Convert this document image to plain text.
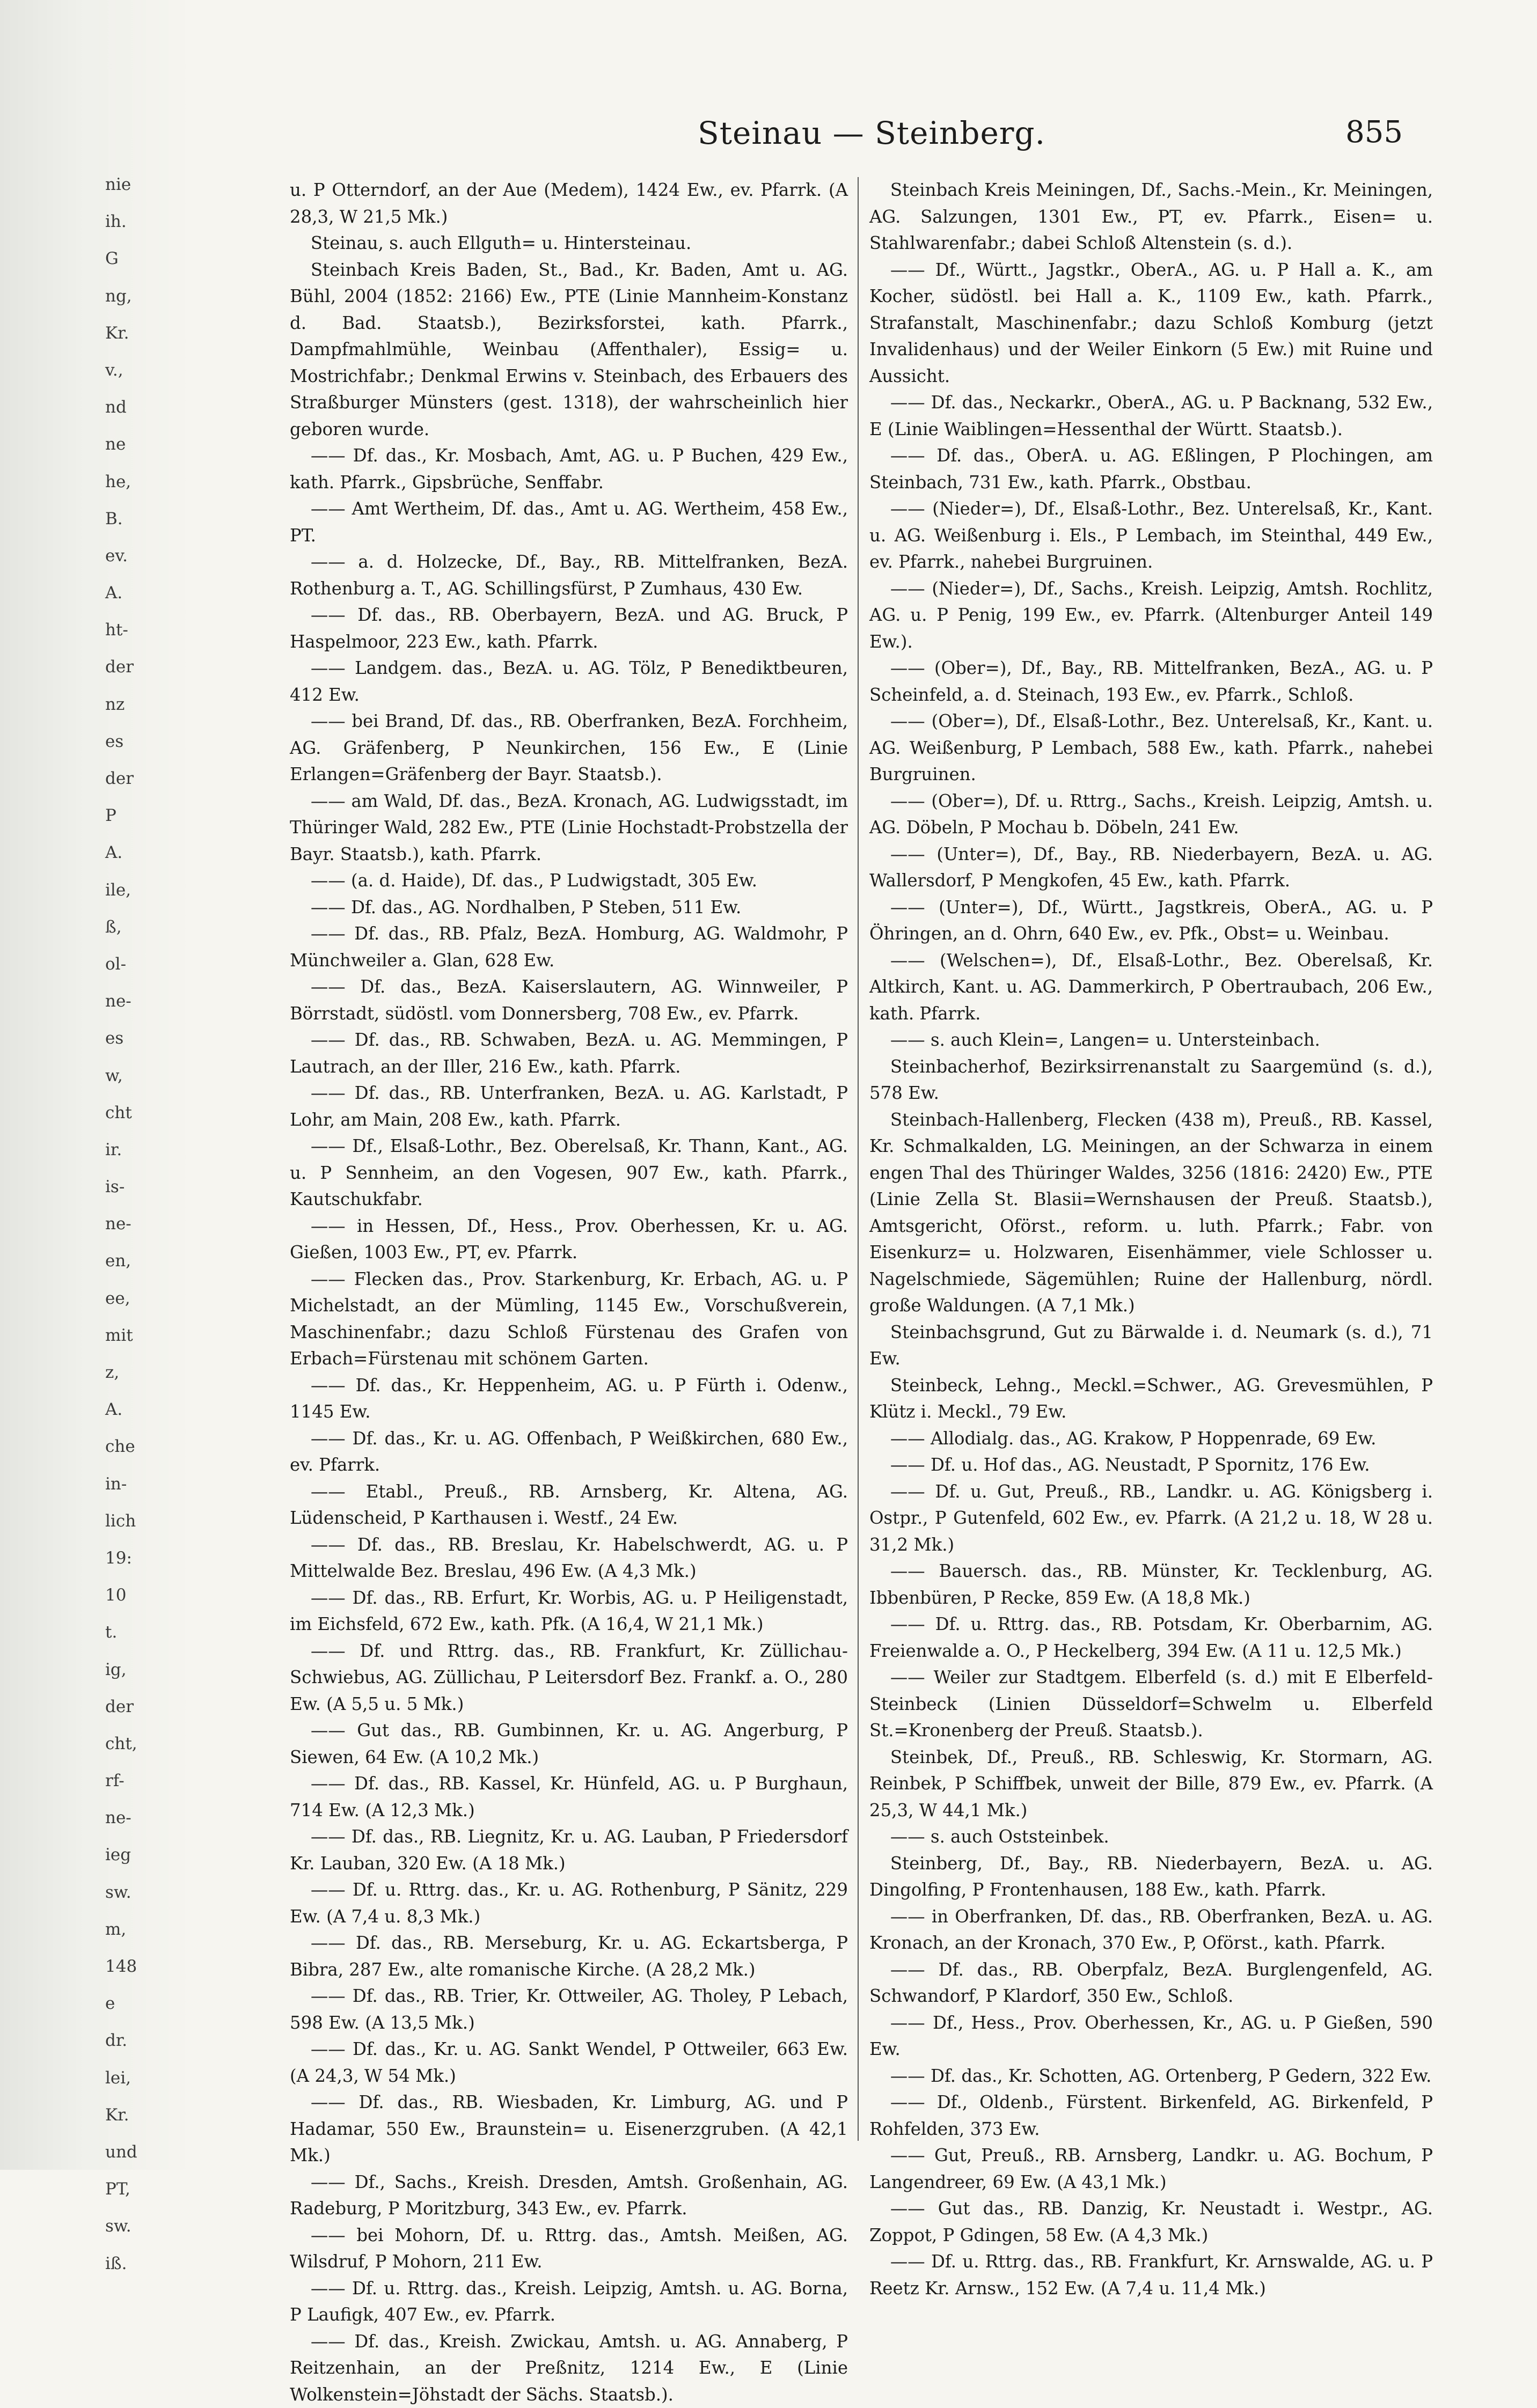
nie
ih.
G
ng,
Kr.
v.,
nd
ne
he,
B.
ev.
A.
ht-
der
nz
es
der
P
A.
ile,
ß,
ol-
ne-
es
w,
cht
ir.
is-
ne-
en,
ee,
mit
z,
A.
che
in-
lich
19:
10
t.
ig,
der
cht,
rf-
ne-
ieg
sw.
m,
148
e
dr.
lei,
Kr.
und
PT,
sw.
iß.
Steinau — Steinberg.	855

u. P Otterndorf, an der Aue (Medem), 1424 Ew., ev. Pfarrk. (A 28,3, W 21,5 Mk.)

Steinau, s. auch Ellguth= u. Hintersteinau.

Steinbach Kreis Baden, St., Bad., Kr. Baden, Amt u. AG. Bühl, 2004 (1852: 2166) Ew., PTE (Linie Mannheim-Konstanz d. Bad. Staatsb.), Bezirksforstei, kath. Pfarrk., Dampfmahlmühle, Weinbau (Affenthaler), Essig= u. Mostrichfabr.; Denkmal Erwins v. Steinbach, des Erbauers des Straßburger Münsters (gest. 1318), der wahrscheinlich hier geboren wurde.

—— Df. das., Kr. Mosbach, Amt, AG. u. P Buchen, 429 Ew., kath. Pfarrk., Gipsbrüche, Senffabr.

—— Amt Wertheim, Df. das., Amt u. AG. Wertheim, 458 Ew., PT.

—— a. d. Holzecke, Df., Bay., RB. Mittelfranken, BezA. Rothenburg a. T., AG. Schillingsfürst, P Zumhaus, 430 Ew.

—— Df. das., RB. Oberbayern, BezA. und AG. Bruck, P Haspelmoor, 223 Ew., kath. Pfarrk.

—— Landgem. das., BezA. u. AG. Tölz, P Benediktbeuren, 412 Ew.

—— bei Brand, Df. das., RB. Oberfranken, BezA. Forchheim, AG. Gräfenberg, P Neunkirchen, 156 Ew., E (Linie Erlangen=Gräfenberg der Bayr. Staatsb.).

—— am Wald, Df. das., BezA. Kronach, AG. Ludwigsstadt, im Thüringer Wald, 282 Ew., PTE (Linie Hochstadt-Probstzella der Bayr. Staatsb.), kath. Pfarrk.

—— (a. d. Haide), Df. das., P Ludwigstadt, 305 Ew.

—— Df. das., AG. Nordhalben, P Steben, 511 Ew.

—— Df. das., RB. Pfalz, BezA. Homburg, AG. Waldmohr, P Münchweiler a. Glan, 628 Ew.

—— Df. das., BezA. Kaiserslautern, AG. Winnweiler, P Börrstadt, südöstl. vom Donnersberg, 708 Ew., ev. Pfarrk.

—— Df. das., RB. Schwaben, BezA. u. AG. Memmingen, P Lautrach, an der Iller, 216 Ew., kath. Pfarrk.

—— Df. das., RB. Unterfranken, BezA. u. AG. Karlstadt, P Lohr, am Main, 208 Ew., kath. Pfarrk.

—— Df., Elsaß-Lothr., Bez. Oberelsaß, Kr. Thann, Kant., AG. u. P Sennheim, an den Vogesen, 907 Ew., kath. Pfarrk., Kautschukfabr.

—— in Hessen, Df., Hess., Prov. Oberhessen, Kr. u. AG. Gießen, 1003 Ew., PT, ev. Pfarrk.

—— Flecken das., Prov. Starkenburg, Kr. Erbach, AG. u. P Michelstadt, an der Mümling, 1145 Ew., Vorschußverein, Maschinenfabr.; dazu Schloß Fürstenau des Grafen von Erbach=Fürstenau mit schönem Garten.

—— Df. das., Kr. Heppenheim, AG. u. P Fürth i. Odenw., 1145 Ew.

—— Df. das., Kr. u. AG. Offenbach, P Weißkirchen, 680 Ew., ev. Pfarrk.

—— Etabl., Preuß., RB. Arnsberg, Kr. Altena, AG. Lüdenscheid, P Karthausen i. Westf., 24 Ew.

—— Df. das., RB. Breslau, Kr. Habelschwerdt, AG. u. P Mittelwalde Bez. Breslau, 496 Ew. (A 4,3 Mk.)

—— Df. das., RB. Erfurt, Kr. Worbis, AG. u. P Heiligenstadt, im Eichsfeld, 672 Ew., kath. Pfk. (A 16,4, W 21,1 Mk.)

—— Df. und Rttrg. das., RB. Frankfurt, Kr. Züllichau-Schwiebus, AG. Züllichau, P Leitersdorf Bez. Frankf. a. O., 280 Ew. (A 5,5 u. 5 Mk.)

—— Gut das., RB. Gumbinnen, Kr. u. AG. Angerburg, P Siewen, 64 Ew. (A 10,2 Mk.)

—— Df. das., RB. Kassel, Kr. Hünfeld, AG. u. P Burghaun, 714 Ew. (A 12,3 Mk.)

—— Df. das., RB. Liegnitz, Kr. u. AG. Lauban, P Friedersdorf Kr. Lauban, 320 Ew. (A 18 Mk.)

—— Df. u. Rttrg. das., Kr. u. AG. Rothenburg, P Sänitz, 229 Ew. (A 7,4 u. 8,3 Mk.)

—— Df. das., RB. Merseburg, Kr. u. AG. Eckartsberga, P Bibra, 287 Ew., alte romanische Kirche. (A 28,2 Mk.)

—— Df. das., RB. Trier, Kr. Ottweiler, AG. Tholey, P Lebach, 598 Ew. (A 13,5 Mk.)

—— Df. das., Kr. u. AG. Sankt Wendel, P Ottweiler, 663 Ew. (A 24,3, W 54 Mk.)

—— Df. das., RB. Wiesbaden, Kr. Limburg, AG. und P Hadamar, 550 Ew., Braunstein= u. Eisenerzgruben. (A 42,1 Mk.)

—— Df., Sachs., Kreish. Dresden, Amtsh. Großenhain, AG. Radeburg, P Moritzburg, 343 Ew., ev. Pfarrk.

—— bei Mohorn, Df. u. Rttrg. das., Amtsh. Meißen, AG. Wilsdruf, P Mohorn, 211 Ew.

—— Df. u. Rttrg. das., Kreish. Leipzig, Amtsh. u. AG. Borna, P Laufigk, 407 Ew., ev. Pfarrk.

—— Df. das., Kreish. Zwickau, Amtsh. u. AG. Annaberg, P Reitzenhain, an der Preßnitz, 1214 Ew., E (Linie Wolkenstein=Jöhstadt der Sächs. Staatsb.).

Steinbach Kreis Meiningen, Df., Sachs.-Mein., Kr. Meiningen, AG. Salzungen, 1301 Ew., PT, ev. Pfarrk., Eisen= u. Stahlwarenfabr.; dabei Schloß Altenstein (s. d.).

—— Df., Württ., Jagstkr., OberA., AG. u. P Hall a. K., am Kocher, südöstl. bei Hall a. K., 1109 Ew., kath. Pfarrk., Strafanstalt, Maschinenfabr.; dazu Schloß Komburg (jetzt Invalidenhaus) und der Weiler Einkorn (5 Ew.) mit Ruine und Aussicht.

—— Df. das., Neckarkr., OberA., AG. u. P Backnang, 532 Ew., E (Linie Waiblingen=Hessenthal der Württ. Staatsb.).

—— Df. das., OberA. u. AG. Eßlingen, P Plochingen, am Steinbach, 731 Ew., kath. Pfarrk., Obstbau.

—— (Nieder=), Df., Elsaß-Lothr., Bez. Unterelsaß, Kr., Kant. u. AG. Weißenburg i. Els., P Lembach, im Steinthal, 449 Ew., ev. Pfarrk., nahebei Burgruinen.

—— (Nieder=), Df., Sachs., Kreish. Leipzig, Amtsh. Rochlitz, AG. u. P Penig, 199 Ew., ev. Pfarrk. (Altenburger Anteil 149 Ew.).

—— (Ober=), Df., Bay., RB. Mittelfranken, BezA., AG. u. P Scheinfeld, a. d. Steinach, 193 Ew., ev. Pfarrk., Schloß.

—— (Ober=), Df., Elsaß-Lothr., Bez. Unterelsaß, Kr., Kant. u. AG. Weißenburg, P Lembach, 588 Ew., kath. Pfarrk., nahebei Burgruinen.

—— (Ober=), Df. u. Rttrg., Sachs., Kreish. Leipzig, Amtsh. u. AG. Döbeln, P Mochau b. Döbeln, 241 Ew.

—— (Unter=), Df., Bay., RB. Niederbayern, BezA. u. AG. Wallersdorf, P Mengkofen, 45 Ew., kath. Pfarrk.

—— (Unter=), Df., Württ., Jagstkreis, OberA., AG. u. P Öhringen, an d. Ohrn, 640 Ew., ev. Pfk., Obst= u. Weinbau.

—— (Welschen=), Df., Elsaß-Lothr., Bez. Oberelsaß, Kr. Altkirch, Kant. u. AG. Dammerkirch, P Obertraubach, 206 Ew., kath. Pfarrk.

—— s. auch Klein=, Langen= u. Untersteinbach.

Steinbacherhof, Bezirksirrenanstalt zu Saargemünd (s. d.), 578 Ew.

Steinbach-Hallenberg, Flecken (438 m), Preuß., RB. Kassel, Kr. Schmalkalden, LG. Meiningen, an der Schwarza in einem engen Thal des Thüringer Waldes, 3256 (1816: 2420) Ew., PTE (Linie Zella St. Blasii=Wernshausen der Preuß. Staatsb.), Amtsgericht, Oförst., reform. u. luth. Pfarrk.; Fabr. von Eisenkurz= u. Holzwaren, Eisenhämmer, viele Schlosser u. Nagelschmiede, Sägemühlen; Ruine der Hallenburg, nördl. große Waldungen. (A 7,1 Mk.)

Steinbachsgrund, Gut zu Bärwalde i. d. Neumark (s. d.), 71 Ew.

Steinbeck, Lehng., Meckl.=Schwer., AG. Grevesmühlen, P Klütz i. Meckl., 79 Ew.

—— Allodialg. das., AG. Krakow, P Hoppenrade, 69 Ew.

—— Df. u. Hof das., AG. Neustadt, P Spornitz, 176 Ew.

—— Df. u. Gut, Preuß., RB., Landkr. u. AG. Königsberg i. Ostpr., P Gutenfeld, 602 Ew., ev. Pfarrk. (A 21,2 u. 18, W 28 u. 31,2 Mk.)

—— Bauersch. das., RB. Münster, Kr. Tecklenburg, AG. Ibbenbüren, P Recke, 859 Ew. (A 18,8 Mk.)

—— Df. u. Rttrg. das., RB. Potsdam, Kr. Oberbarnim, AG. Freienwalde a. O., P Heckelberg, 394 Ew. (A 11 u. 12,5 Mk.)

—— Weiler zur Stadtgem. Elberfeld (s. d.) mit E Elberfeld-Steinbeck (Linien Düsseldorf=Schwelm u. Elberfeld St.=Kronenberg der Preuß. Staatsb.).

Steinbek, Df., Preuß., RB. Schleswig, Kr. Stormarn, AG. Reinbek, P Schiffbek, unweit der Bille, 879 Ew., ev. Pfarrk. (A 25,3, W 44,1 Mk.)

—— s. auch Oststeinbek.

Steinberg, Df., Bay., RB. Niederbayern, BezA. u. AG. Dingolfing, P Frontenhausen, 188 Ew., kath. Pfarrk.

—— in Oberfranken, Df. das., RB. Oberfranken, BezA. u. AG. Kronach, an der Kronach, 370 Ew., P, Oförst., kath. Pfarrk.

—— Df. das., RB. Oberpfalz, BezA. Burglengenfeld, AG. Schwandorf, P Klardorf, 350 Ew., Schloß.

—— Df., Hess., Prov. Oberhessen, Kr., AG. u. P Gießen, 590 Ew.

—— Df. das., Kr. Schotten, AG. Ortenberg, P Gedern, 322 Ew.

—— Df., Oldenb., Fürstent. Birkenfeld, AG. Birkenfeld, P Rohfelden, 373 Ew.

—— Gut, Preuß., RB. Arnsberg, Landkr. u. AG. Bochum, P Langendreer, 69 Ew. (A 43,1 Mk.)

—— Gut das., RB. Danzig, Kr. Neustadt i. Westpr., AG. Zoppot, P Gdingen, 58 Ew. (A 4,3 Mk.)

—— Df. u. Rttrg. das., RB. Frankfurt, Kr. Arnswalde, AG. u. P Reetz Kr. Arnsw., 152 Ew. (A 7,4 u. 11,4 Mk.)
